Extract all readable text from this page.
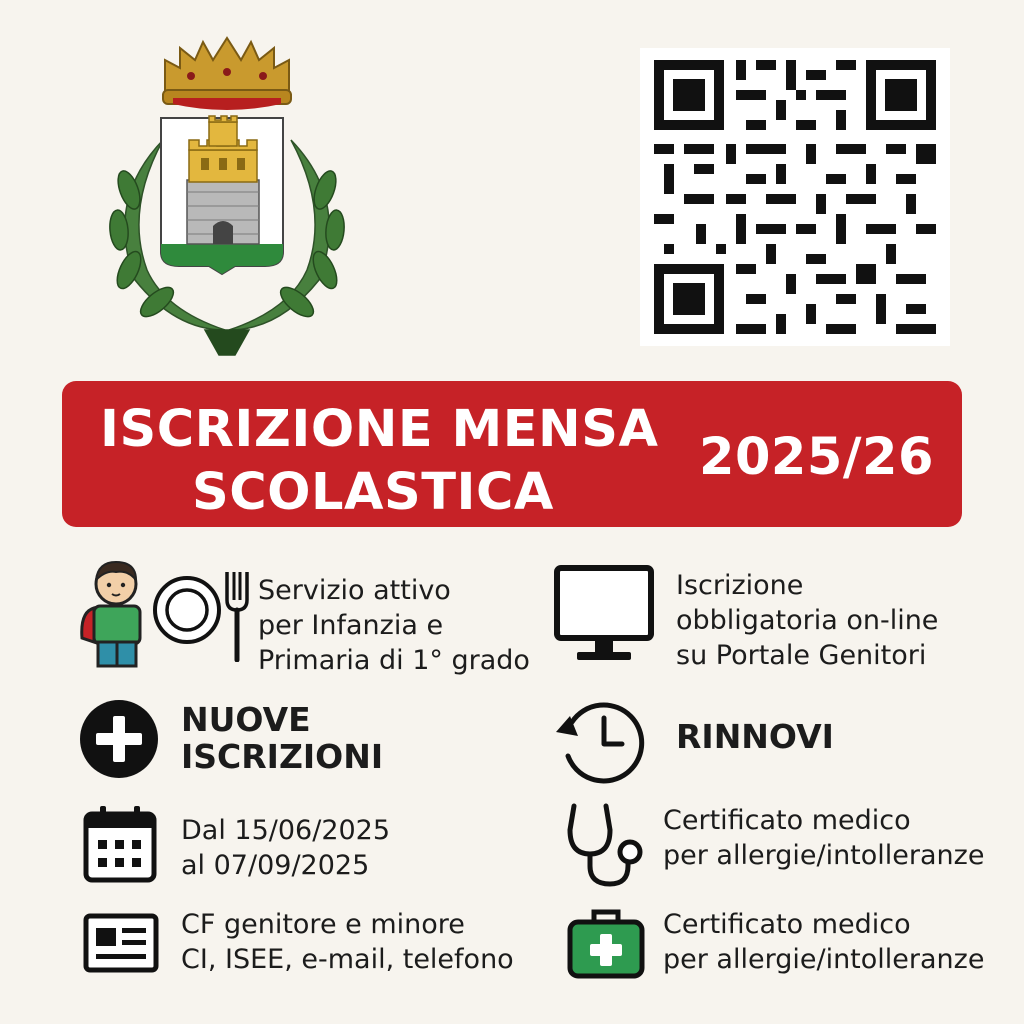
ISCRIZIONE MENSA
SCOLASTICA
2025/26
Servizio attivo
per Infanzia e
Primaria di 1° grado
Iscrizione
obbligatoria on-line
su Portale Genitori
NUOVE
ISCRIZIONI
RINNOVI
Dal 15/06/2025
al 07/09/2025
Certificato medico
per allergie/intolleranze
CF genitore e minore
CI, ISEE, e-mail, telefono
Certificato medico
per allergie/intolleranze
